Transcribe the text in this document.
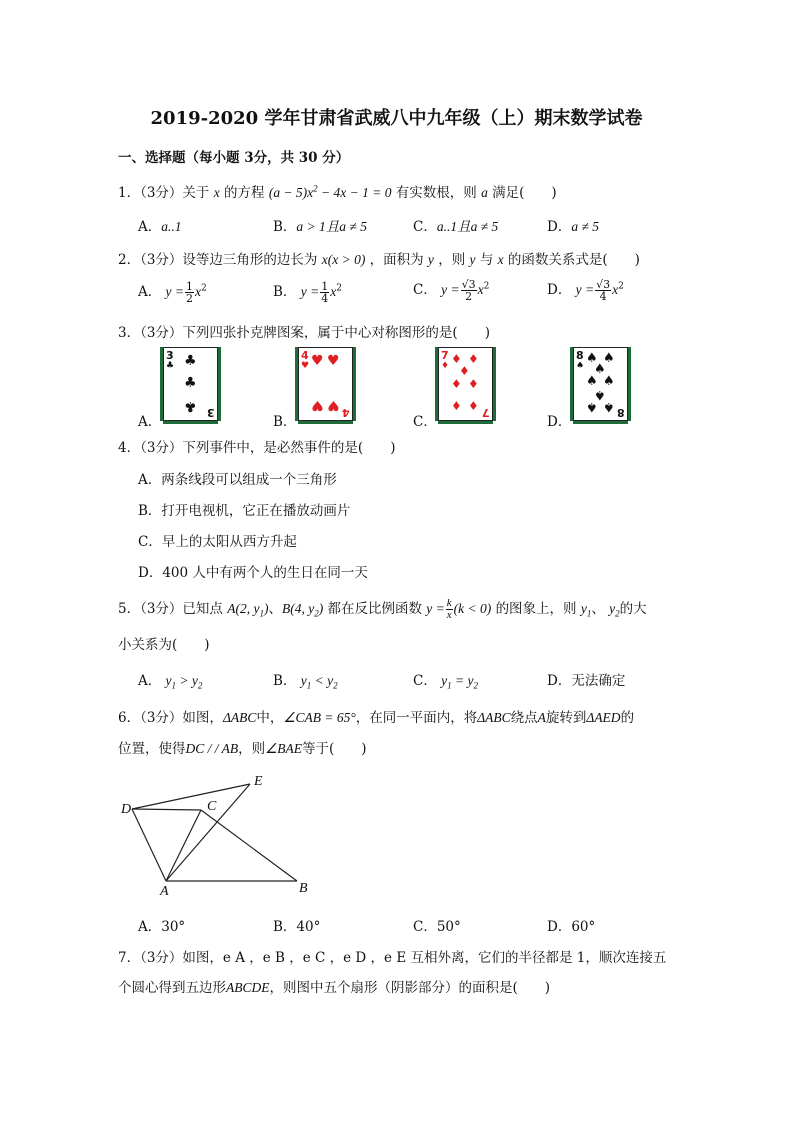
2019-2020 学年甘肃省武威八中九年级（上）期末数学试卷
一、选择题（每小题 3分，共 30 分）
1．（3分）关于 x 的方程 $(a - 5)x^2 - 4x - 1 = 0$ 有实数根，则 a 满足(　　)
A．a..1	B．a > 1且a ≠ 5	C．a..1且a ≠ 5	D．a ≠ 5
2．（3分）设等边三角形的边长为 x(x > 0) ，面积为 y ，则 y 与 x 的函数关系式是(　　)
A． $y = \frac{1}{2} x^2$	B． $y = \frac{1}{4} x^2$	C． $y = \frac{√3}{2} x^2$	D． $y = \frac{√3}{4} x^2$
3．（3分）下列四张扑克牌图案，属于中心对称图形的是(　　)
A．
3
♣ ♣
♣
♣ 3
B．
4
♥ ♥ ♥
♥ ♥ 4
C．
7
♦ ♦ ♦
♦
♦ ♦
♦ ♦ 7
D．
8
♠ ♠ ♠
♠
♠ ♠
♠
♠ ♠ 8
4．（3分）下列事件中，是必然事件的是(　　)
A．两条线段可以组成一个三角形
B．打开电视机，它正在播放动画片
C．早上的太阳从西方升起
D．400 人中有两个人的生日在同一天
5．（3分）已知点 A(2, $y_1$)、B(4, $y_2$) 都在反比例函数 $y = \frac{k}{x} (k < 0)$ 的图象上，则 $y_1$、 $y_2$的大
小关系为(　　)
A． $y_1 > y_2$	B． $y_1 < y_2$	C． $y_1 = y_2$	D．无法确定
6．（3分）如图，ΔABC中，∠CAB = 65°，在同一平面内，将ΔABC绕点A旋转到ΔAED的
位置，使得DC / / AB，则∠BAE等于(　　)
D	C
E
A	B
A．30°	B．40°	C．50°	D．60°
7．（3分）如图，e A ，e B ，e C ，e D ，e E 互相外离，它们的半径都是 1，顺次连接五
个圆心得到五边形ABCDE，则图中五个扇形（阴影部分）的面积是(　　)
